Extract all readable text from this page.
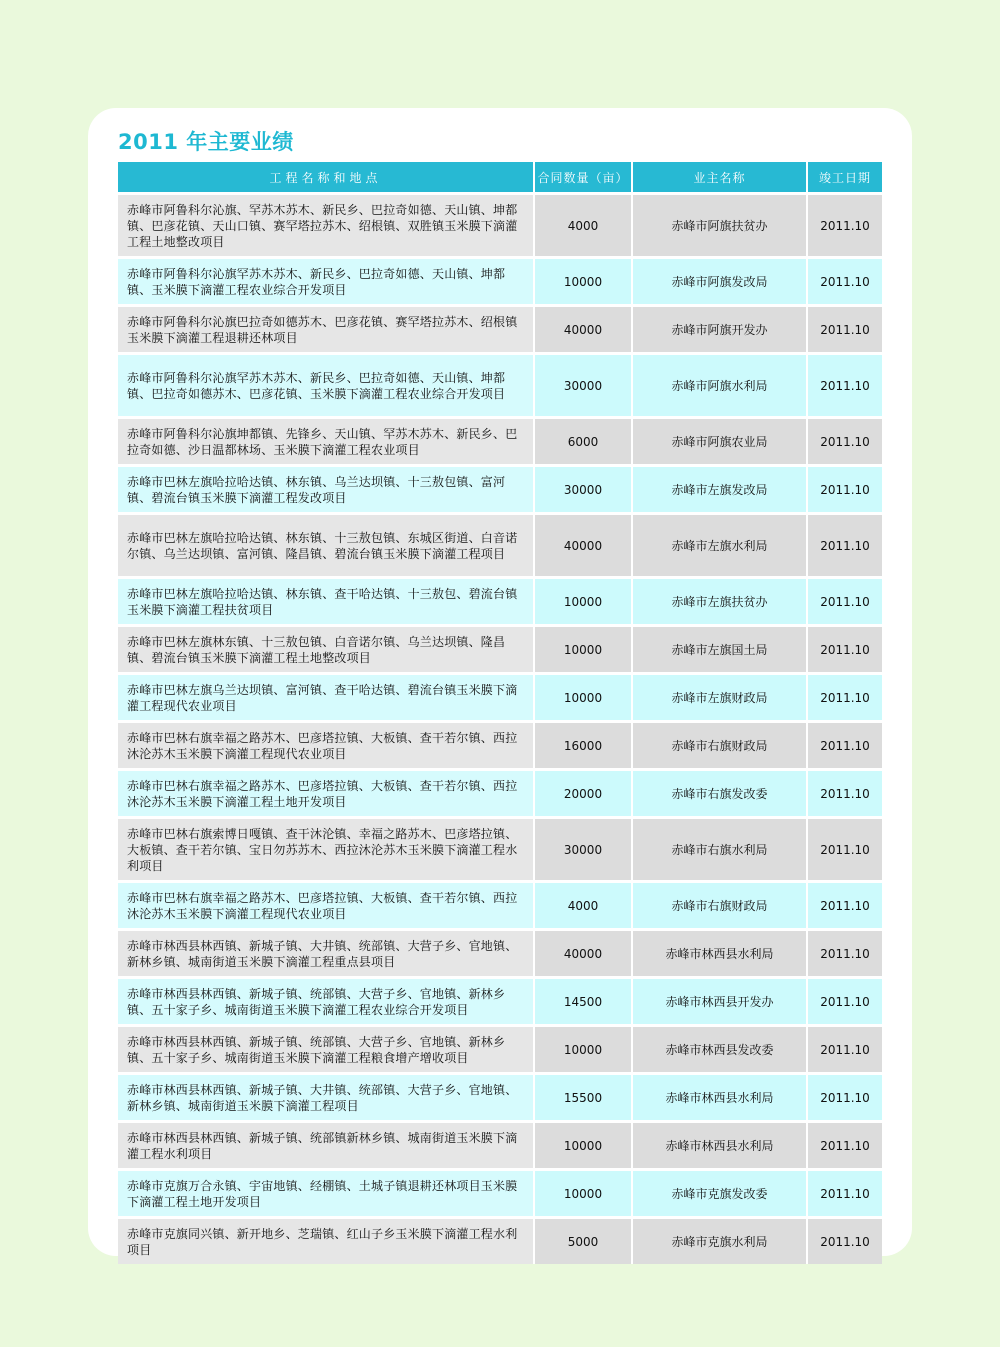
2011 年主要业绩
工程名称和地点	合同数量（亩）	业主名称	竣工日期
赤峰市阿鲁科尔沁旗、罕苏木苏木、新民乡、巴拉奇如德、天山镇、坤都镇、巴彦花镇、天山口镇、赛罕塔拉苏木、绍根镇、双胜镇玉米膜下滴灌工程土地整改项目	4000	赤峰市阿旗扶贫办	2011.10
赤峰市阿鲁科尔沁旗罕苏木苏木、新民乡、巴拉奇如德、天山镇、坤都镇、玉米膜下滴灌工程农业综合开发项目	10000	赤峰市阿旗发改局	2011.10
赤峰市阿鲁科尔沁旗巴拉奇如德苏木、巴彦花镇、赛罕塔拉苏木、绍根镇玉米膜下滴灌工程退耕还林项目	40000	赤峰市阿旗开发办	2011.10
赤峰市阿鲁科尔沁旗罕苏木苏木、新民乡、巴拉奇如德、天山镇、坤都镇、巴拉奇如德苏木、巴彦花镇、玉米膜下滴灌工程农业综合开发项目	30000	赤峰市阿旗水利局	2011.10
赤峰市阿鲁科尔沁旗坤都镇、先锋乡、天山镇、罕苏木苏木、新民乡、巴拉奇如德、沙日温都林场、玉米膜下滴灌工程农业项目	6000	赤峰市阿旗农业局	2011.10
赤峰市巴林左旗哈拉哈达镇、林东镇、乌兰达坝镇、十三敖包镇、富河镇、碧流台镇玉米膜下滴灌工程发改项目	30000	赤峰市左旗发改局	2011.10
赤峰市巴林左旗哈拉哈达镇、林东镇、十三敖包镇、东城区街道、白音诺尔镇、乌兰达坝镇、富河镇、隆昌镇、碧流台镇玉米膜下滴灌工程项目	40000	赤峰市左旗水利局	2011.10
赤峰市巴林左旗哈拉哈达镇、林东镇、查干哈达镇、十三敖包、碧流台镇玉米膜下滴灌工程扶贫项目	10000	赤峰市左旗扶贫办	2011.10
赤峰市巴林左旗林东镇、十三敖包镇、白音诺尔镇、乌兰达坝镇、隆昌镇、碧流台镇玉米膜下滴灌工程土地整改项目	10000	赤峰市左旗国土局	2011.10
赤峰市巴林左旗乌兰达坝镇、富河镇、查干哈达镇、碧流台镇玉米膜下滴灌工程现代农业项目	10000	赤峰市左旗财政局	2011.10
赤峰市巴林右旗幸福之路苏木、巴彦塔拉镇、大板镇、查干若尔镇、西拉沐沦苏木玉米膜下滴灌工程现代农业项目	16000	赤峰市右旗财政局	2011.10
赤峰市巴林右旗幸福之路苏木、巴彦塔拉镇、大板镇、查干若尔镇、西拉沐沦苏木玉米膜下滴灌工程土地开发项目	20000	赤峰市右旗发改委	2011.10
赤峰市巴林右旗索博日嘎镇、查干沐沦镇、幸福之路苏木、巴彦塔拉镇、大板镇、查干若尔镇、宝日勿苏苏木、西拉沐沦苏木玉米膜下滴灌工程水利项目	30000	赤峰市右旗水利局	2011.10
赤峰市巴林右旗幸福之路苏木、巴彦塔拉镇、大板镇、查干若尔镇、西拉沐沦苏木玉米膜下滴灌工程现代农业项目	4000	赤峰市右旗财政局	2011.10
赤峰市林西县林西镇、新城子镇、大井镇、统部镇、大营子乡、官地镇、新林乡镇、城南街道玉米膜下滴灌工程重点县项目	40000	赤峰市林西县水利局	2011.10
赤峰市林西县林西镇、新城子镇、统部镇、大营子乡、官地镇、新林乡镇、五十家子乡、城南街道玉米膜下滴灌工程农业综合开发项目	14500	赤峰市林西县开发办	2011.10
赤峰市林西县林西镇、新城子镇、统部镇、大营子乡、官地镇、新林乡镇、五十家子乡、城南街道玉米膜下滴灌工程粮食增产增收项目	10000	赤峰市林西县发改委	2011.10
赤峰市林西县林西镇、新城子镇、大井镇、统部镇、大营子乡、官地镇、新林乡镇、城南街道玉米膜下滴灌工程项目	15500	赤峰市林西县水利局	2011.10
赤峰市林西县林西镇、新城子镇、统部镇新林乡镇、城南街道玉米膜下滴灌工程水利项目	10000	赤峰市林西县水利局	2011.10
赤峰市克旗万合永镇、宇宙地镇、经棚镇、土城子镇退耕还林项目玉米膜下滴灌工程土地开发项目	10000	赤峰市克旗发改委	2011.10
赤峰市克旗同兴镇、新开地乡、芝瑞镇、红山子乡玉米膜下滴灌工程水利项目	5000	赤峰市克旗水利局	2011.10
